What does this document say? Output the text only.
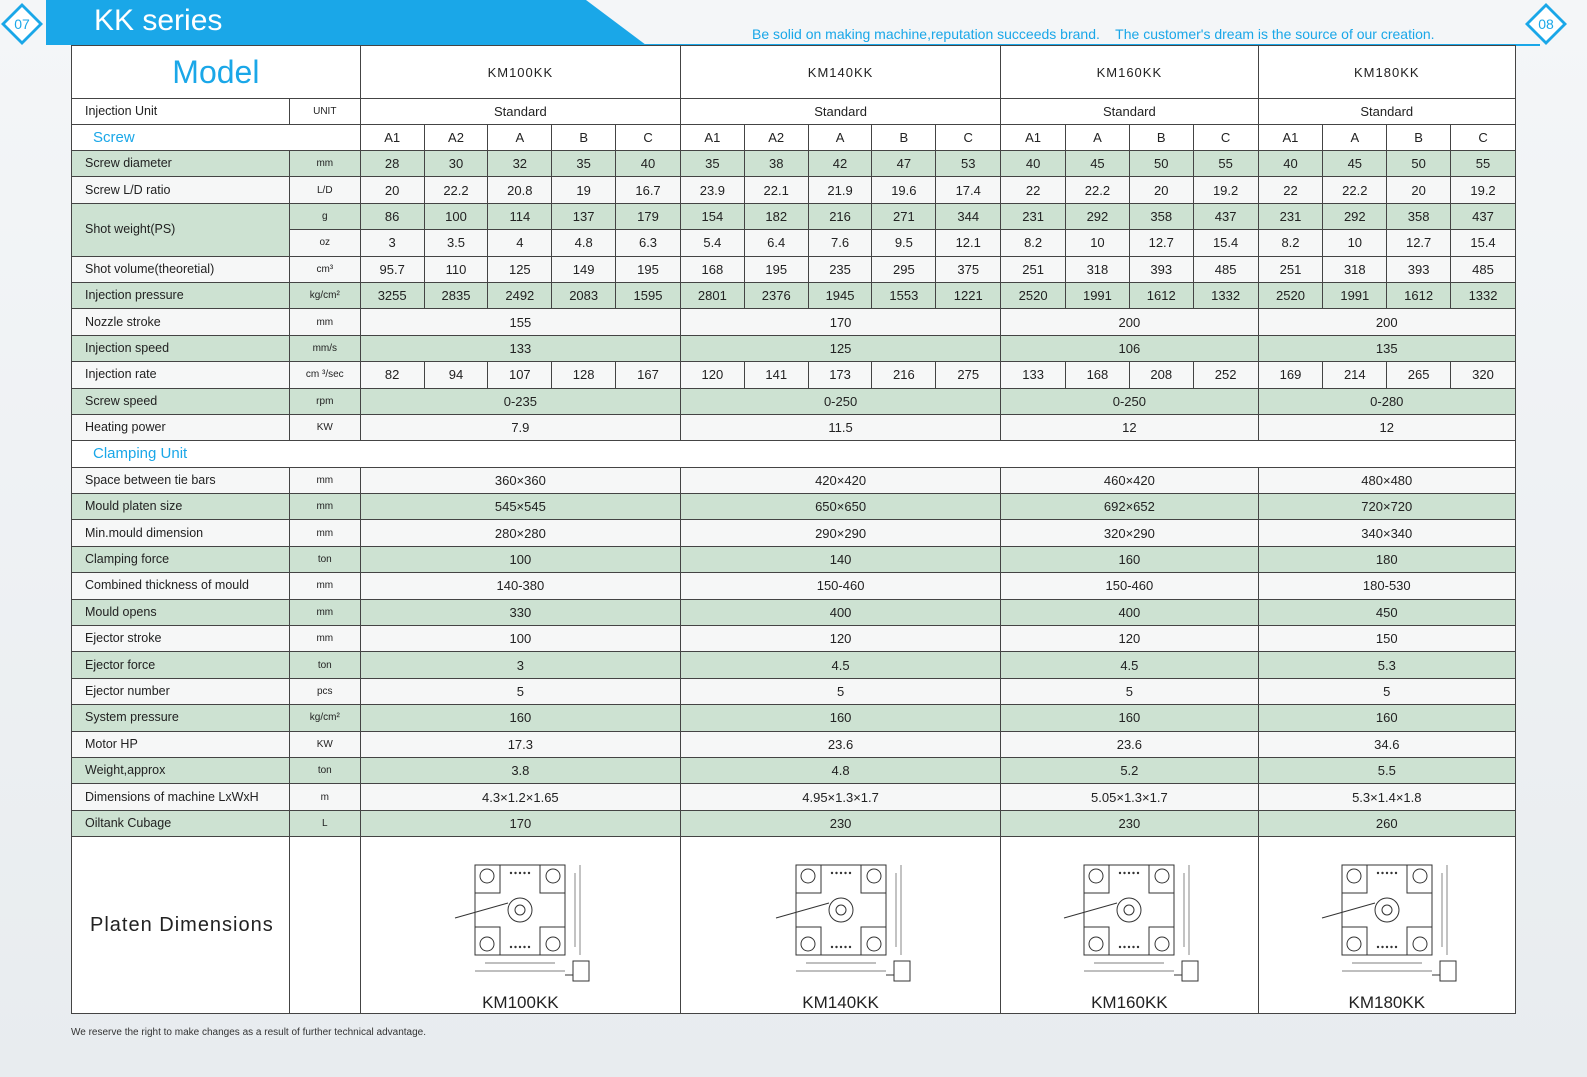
07	08
KK series	Be solid on making machine,reputation succeeds brand.    The customer's dream is the source of our creation.
Model		KM100KK					KM140KK					KM160KK				KM180KK			
Injection Unit	UNIT	Standard					Standard					Standard				Standard			
Screw		A1	A2	A	B	C	A1	A2	A	B	C	A1	A	B	C	A1	A	B	C
Screw diameter	mm	28	30	32	35	40	35	38	42	47	53	40	45	50	55	40	45	50	55
Screw L/D ratio	L/D	20	22.2	20.8	19	16.7	23.9	22.1	21.9	19.6	17.4	22	22.2	20	19.2	22	22.2	20	19.2
Shot weight(PS)	g	86	100	114	137	179	154	182	216	271	344	231	292	358	437	231	292	358	437
	oz	3	3.5	4	4.8	6.3	5.4	6.4	7.6	9.5	12.1	8.2	10	12.7	15.4	8.2	10	12.7	15.4
Shot volume(theoretial)	cm³	95.7	110	125	149	195	168	195	235	295	375	251	318	393	485	251	318	393	485
Injection pressure	kg/cm²	3255	2835	2492	2083	1595	2801	2376	1945	1553	1221	2520	1991	1612	1332	2520	1991	1612	1332
Nozzle stroke	mm	155					170					200				200			
Injection speed	mm/s	133					125					106				135			
Injection rate	cm ³/sec	82	94	107	128	167	120	141	173	216	275	133	168	208	252	169	214	265	320
Screw speed	rpm	0-235					0-250					0-250				0-280			
Heating power	KW	7.9					11.5					12				12			
Clamping Unit																			
Space between tie bars	mm	360×360					420×420					460×420				480×480			
Mould platen size	mm	545×545					650×650					692×652				720×720			
Min.mould dimension	mm	280×280					290×290					320×290				340×340			
Clamping force	ton	100					140					160				180			
Combined thickness of mould	mm	140-380					150-460					150-460				180-530			
Mould opens	mm	330					400					400				450			
Ejector stroke	mm	100					120					120				150			
Ejector force	ton	3					4.5					4.5				5.3			
Ejector number	pcs	5					5					5				5			
System pressure	kg/cm²	160					160					160				160			
Motor HP	KW	17.3					23.6					23.6				34.6			
Weight,approx	ton	3.8					4.8					5.2				5.5			
Dimensions of machine LxWxH	m	4.3×1.2×1.65					4.95×1.3×1.7					5.05×1.3×1.7				5.3×1.4×1.8			
Oiltank Cubage	L	170					230					230				260			
Platen Dimensions		KM100KK					KM140KK					KM160KK				KM180KK			
We reserve the right to make changes as a result of further technical advantage.
